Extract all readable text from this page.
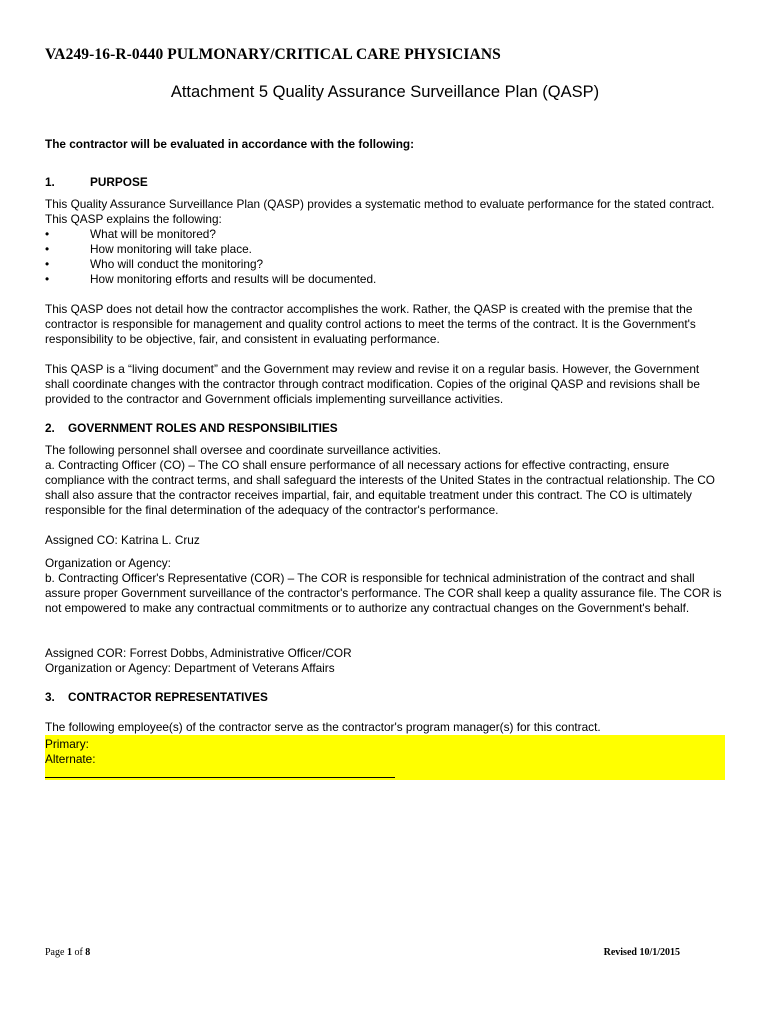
VA249-16-R-0440 PULMONARY/CRITICAL CARE PHYSICIANS
Attachment 5 Quality Assurance Surveillance Plan (QASP)
The contractor will be evaluated in accordance with the following:
1.	PURPOSE

This Quality Assurance Surveillance Plan (QASP) provides a systematic method to evaluate performance for the stated contract. This QASP explains the following:

•	What will be monitored?
•	How monitoring will take place.
•	Who will conduct the monitoring?
•	How monitoring efforts and results will be documented.
This QASP does not detail how the contractor accomplishes the work. Rather, the QASP is created with the premise that the contractor is responsible for management and quality control actions to meet the terms of the contract. It is the Government's responsibility to be objective, fair, and consistent in evaluating performance.
This QASP is a “living document” and the Government may review and revise it on a regular basis. However, the Government shall coordinate changes with the contractor through contract modification. Copies of the original QASP and revisions shall be provided to the contractor and Government officials implementing surveillance activities.
2. GOVERNMENT ROLES AND RESPONSIBILITIES

The following personnel shall oversee and coordinate surveillance activities.

a. Contracting Officer (CO) – The CO shall ensure performance of all necessary actions for effective contracting, ensure compliance with the contract terms, and shall safeguard the interests of the United States in the contractual relationship. The CO shall also assure that the contractor receives impartial, fair, and equitable treatment under this contract. The CO is ultimately responsible for the final determination of the adequacy of the contractor's performance.

Assigned CO: Katrina L. Cruz

Organization or Agency:

b. Contracting Officer's Representative (COR) – The COR is responsible for technical administration of the contract and shall assure proper Government surveillance of the contractor's performance. The COR shall keep a quality assurance file. The COR is not empowered to make any contractual commitments or to authorize any contractual changes on the Government's behalf.

Assigned COR: Forrest Dobbs, Administrative Officer/COR

Organization or Agency: Department of Veterans Affairs

3. CONTRACTOR REPRESENTATIVES
The following employee(s) of the contractor serve as the contractor's program manager(s) for this contract.

Primary:

Alternate:

Page 1 of 8	Revised 10/1/2015
